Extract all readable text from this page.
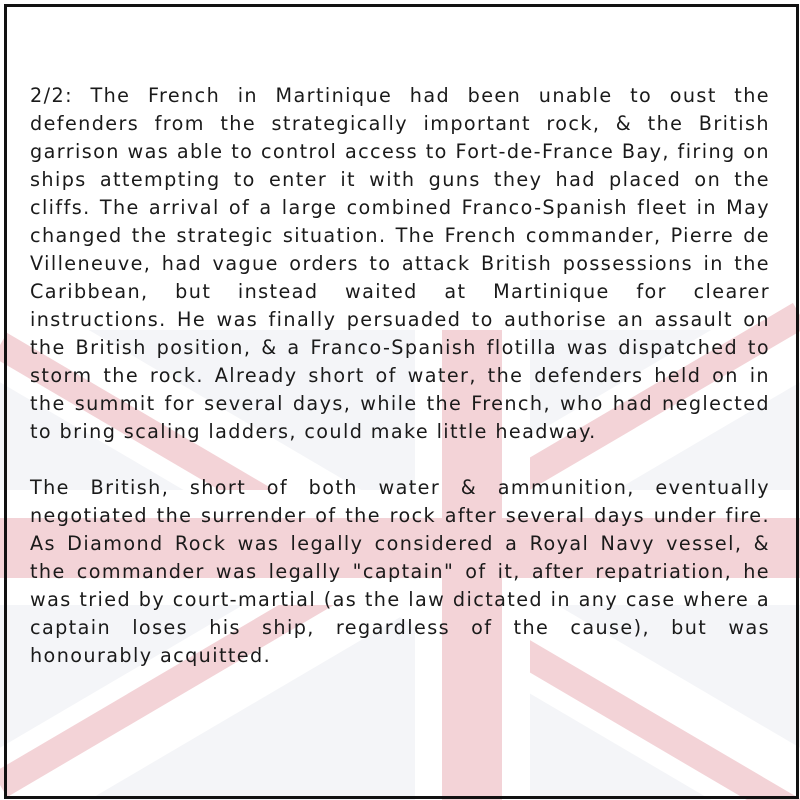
2/2: The French in Martinique had been unable to oust the defenders from the strategically important rock, & the British garrison was able to control access to Fort-de-France Bay, firing on ships attempting to enter it with guns they had placed on the cliffs. The arrival of a large combined Franco-Spanish fleet in May changed the strategic situation. The French commander, Pierre de Villeneuve, had vague orders to attack British possessions in the Caribbean, but instead waited at Martinique for clearer instructions. He was finally persuaded to authorise an assault on the British position, & a Franco-Spanish flotilla was dispatched to storm the rock. Already short of water, the defenders held on in the summit for several days, while the French, who had neglected to bring scaling ladders, could make little headway.

The British, short of both water & ammunition, eventually negotiated the surrender of the rock after several days under fire. As Diamond Rock was legally considered a Royal Navy vessel, & the commander was legally "captain" of it, after repatriation, he was tried by court-martial (as the law dictated in any case where a captain loses his ship, regardless of the cause), but was honourably acquitted.
